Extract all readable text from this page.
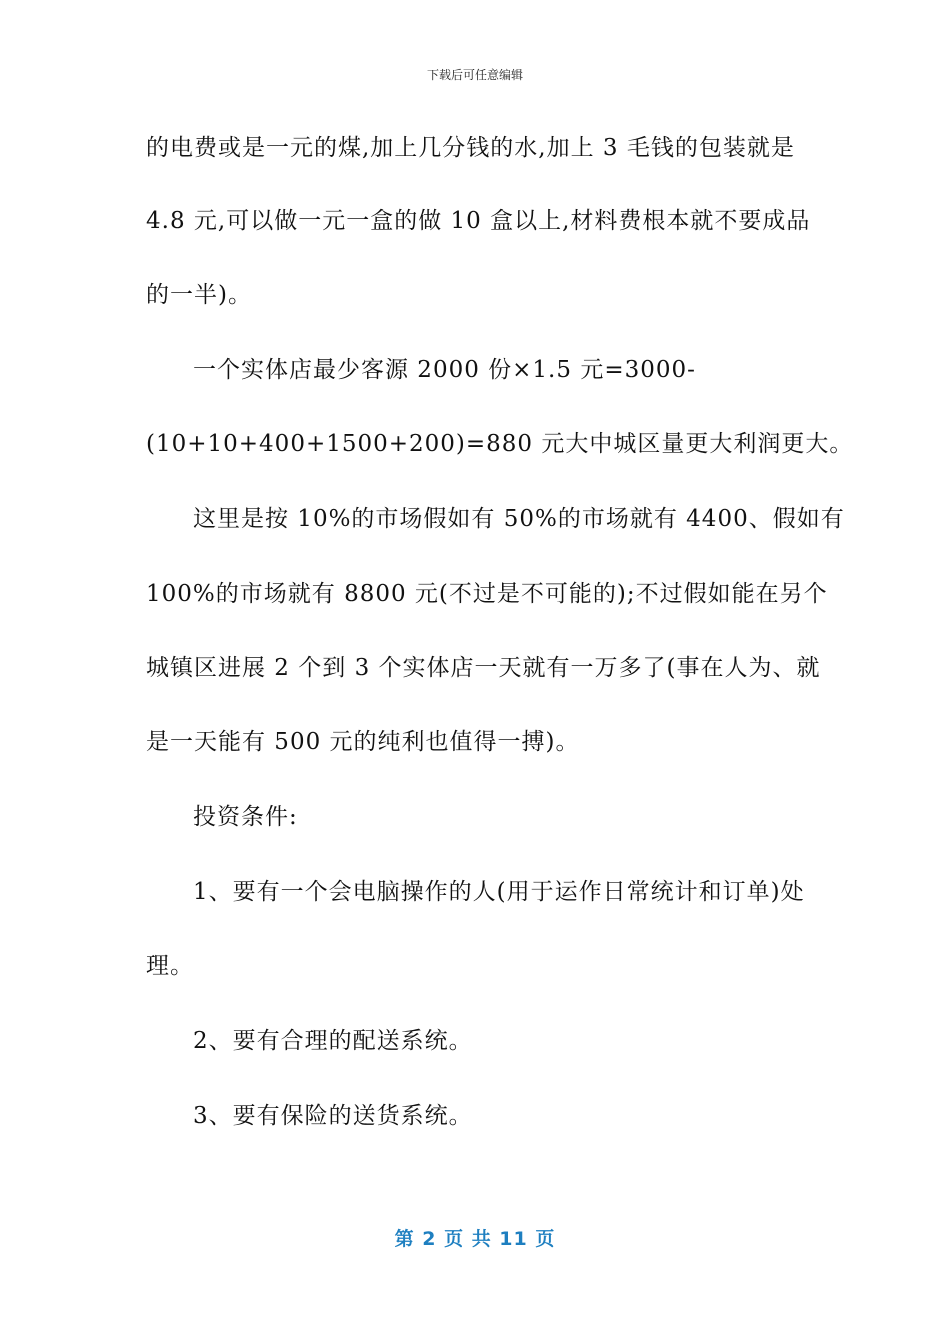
下载后可任意编辑
的电费或是一元的煤,加上几分钱的水,加上 3 毛钱的包装就是
4.8 元,可以做一元一盒的做 10 盒以上,材料费根本就不要成品
的一半)。
一个实体店最少客源 2000 份×1.5 元=3000-
(10+10+400+1500+200)=880 元大中城区量更大利润更大。
这里是按 10%的市场假如有 50%的市场就有 4400、假如有
100%的市场就有 8800 元(不过是不可能的);不过假如能在另个
城镇区进展 2 个到 3 个实体店一天就有一万多了(事在人为、就
是一天能有 500 元的纯利也值得一搏)。
投资条件:
1、要有一个会电脑操作的人(用于运作日常统计和订单)处
理。
2、要有合理的配送系统。
3、要有保险的送货系统。
第 2 页 共 11 页
